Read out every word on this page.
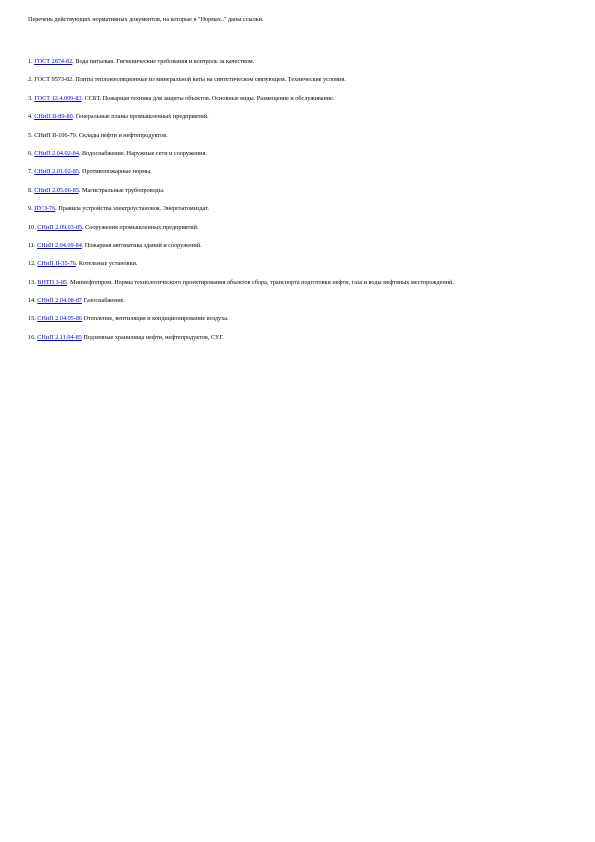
Перечень действующих нормативных документов, на которые в "Нормах.." даны ссылки.
1. ГОСТ 2874-82. Вода питьевая. Гигиенические требования и контроль за качеством.
2. ГОСТ 9573-82. Плиты теплоизоляционные из минеральной ваты на синтетическом связующем. Технические условия.
3. ГОСТ 12.4.009-83. ССБТ. Пожарная техника для защиты объектов. Основные виды. Размещение и обслуживание.
4. СНиП II-89-80. Генеральные планы промышленных предприятий.
5. СНиП II-106-79. Склады нефти и нефтепродуктов.
6. СНиП 2.04.02-84. Водоснабжение. Наружные сети и сооружения.
7. СНиП 2.01.02-85. Противопожарные нормы.
8. СНиП 2.05.06-85. Магистральные трубопроводы.
9. ПУЭ-76. Правила устройства электроустановок. Энергоатомиздат.
10. СНиП 2.09.03-85. Сооружения промышленных предприятий.
11. СНиП 2.04.09-84. Пожарная автоматика зданий и сооружений.
12. СНиП II-35-76. Котельные установки.
13. ВНТП 3-85. Миннефтепром. Нормы технологического проектирования объектов сбора, транспорта подготовки нефти, газа и воды нефтяных месторождений.
14. СНиП 2.04.08-87 Газоснабжение.
15. СНиП 2.04.05-86 Отопление, вентиляция и кондиционирование воздуха.
16. СНиП 2.11.04-85 Подземные хранилища нефти, нефтепродуктов, СУГ.
